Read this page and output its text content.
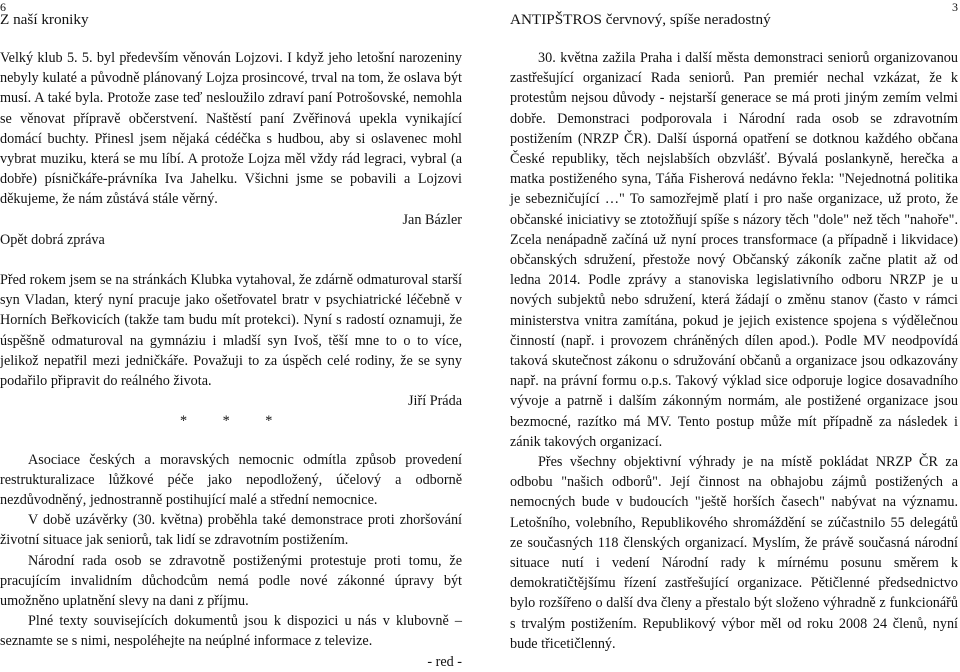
6	3
Z naší kroniky	ANTIPŠTROS červnový, spíše neradostný

Velký klub 5. 5. byl především věnován Lojzovi. I když jeho letošní narozeniny nebyly kulaté a původně plánovaný Lojza prosincové, trval na tom, že oslava být musí. A také byla. Protože zase teď nesloužilo zdraví paní Potrošovské, nemohla se věnovat přípravě občerstvení. Naštěstí paní Zvěřinová upekla vynikající domácí buchty. Přinesl jsem nějaká cédéčka s hudbou, aby si oslavenec mohl vybrat muziku, která se mu líbí. A protože Lojza měl vždy rád legraci, vybral (a dobře) písničkáře-právníka Iva Jahelku. Všichni jsme se pobavili a Lojzovi děkujeme, že nám zůstává stále věrný.

Jan Bázler

Opět dobrá zpráva

Před rokem jsem se na stránkách Klubka vytahoval, že zdárně odmaturoval starší syn Vladan, který nyní pracuje jako ošetřovatel bratr v psychiatrické léčebně v Horních Beřkovicích (takže tam budu mít protekci). Nyní s radostí oznamuji, že úspěšně odmaturoval na gymnáziu i mladší syn Ivoš, těší mne to o to více, jelikož nepatřil mezi jedničkáře. Považuji to za úspěch celé rodiny, že se syny podařilo připravit do reálného života.

Jiří Práda

* * *

Asociace českých a moravských nemocnic odmítla způsob provedení restrukturalizace lůžkové péče jako nepodložený, účelový a odborně nezdůvodněný, jednostranně postihující malé a střední nemocnice.

V době uzávěrky (30. května) proběhla také demonstrace proti zhoršování životní situace jak seniorů, tak lidí se zdravotním postižením.

Národní rada osob se zdravotně postiženými protestuje proti tomu, že pracujícím invalidním důchodcům nemá podle nové zákonné úpravy být umožněno uplatnění slevy na dani z příjmu.

Plné texty souvisejících dokumentů jsou k dispozici u nás v klubovně – seznamte se s nimi, nespoléhejte na neúplné informace z televize.

- red -

30. května zažila Praha i další města demonstraci seniorů organizovanou zastřešující organizací Rada seniorů. Pan premiér nechal vzkázat, že k protestům nejsou důvody - nejstarší generace se má proti jiným zemím velmi dobře. Demonstraci podporovala i Národní rada osob se zdravotním postižením (NRZP ČR). Další úsporná opatření se dotknou každého občana České republiky, těch nejslabších obzvlášť. Bývalá poslankyně, herečka a matka postiženého syna, Táňa Fisherová nedávno řekla: "Nejednotná politika je sebezničující …" To samozřejmě platí i pro naše organizace, už proto, že občanské iniciativy se ztotožňují spíše s názory těch "dole" než těch "nahoře". Zcela nenápadně začíná už nyní proces transformace (a případně i likvidace) občanských sdružení, přestože nový Občanský zákoník začne platit až od ledna 2014. Podle zprávy a stanoviska legislativního odboru NRZP je u nových subjektů nebo sdružení, která žádají o změnu stanov (často v rámci ministerstva vnitra zamítána, pokud je jejich existence spojena s výdělečnou činností (např. i provozem chráněných dílen apod.). Podle MV neodpovídá taková skutečnost zákonu o sdružování občanů a organizace jsou odkazovány např. na právní formu o.p.s. Takový výklad sice odporuje logice dosavadního vývoje a patrně i dalším zákonným normám, ale postižené organizace jsou bezmocné, razítko má MV. Tento postup může mít případně za následek i zánik takových organizací.

Přes všechny objektivní výhrady je na místě pokládat NRZP ČR za odbobu "našich odborů". Její činnost na obhajobu zájmů postižených a nemocných bude v budoucích "ještě horších časech" nabývat na významu. Letošního, volebního, Republikového shromáždění se zúčastnilo 55 delegátů ze současných 118 členských organizací. Myslím, že právě současná národní situace nutí i vedení Národní rady k mírnému posunu směrem k demokratičtějšímu řízení zastřešující organizace. Pětičlenné předsednictvo bylo rozšířeno o další dva členy a přestalo být složeno výhradně z funkcionářů s trvalým postižením. Republikový výbor měl od roku 2008 24 členů, nyní bude třicetičlenný.
